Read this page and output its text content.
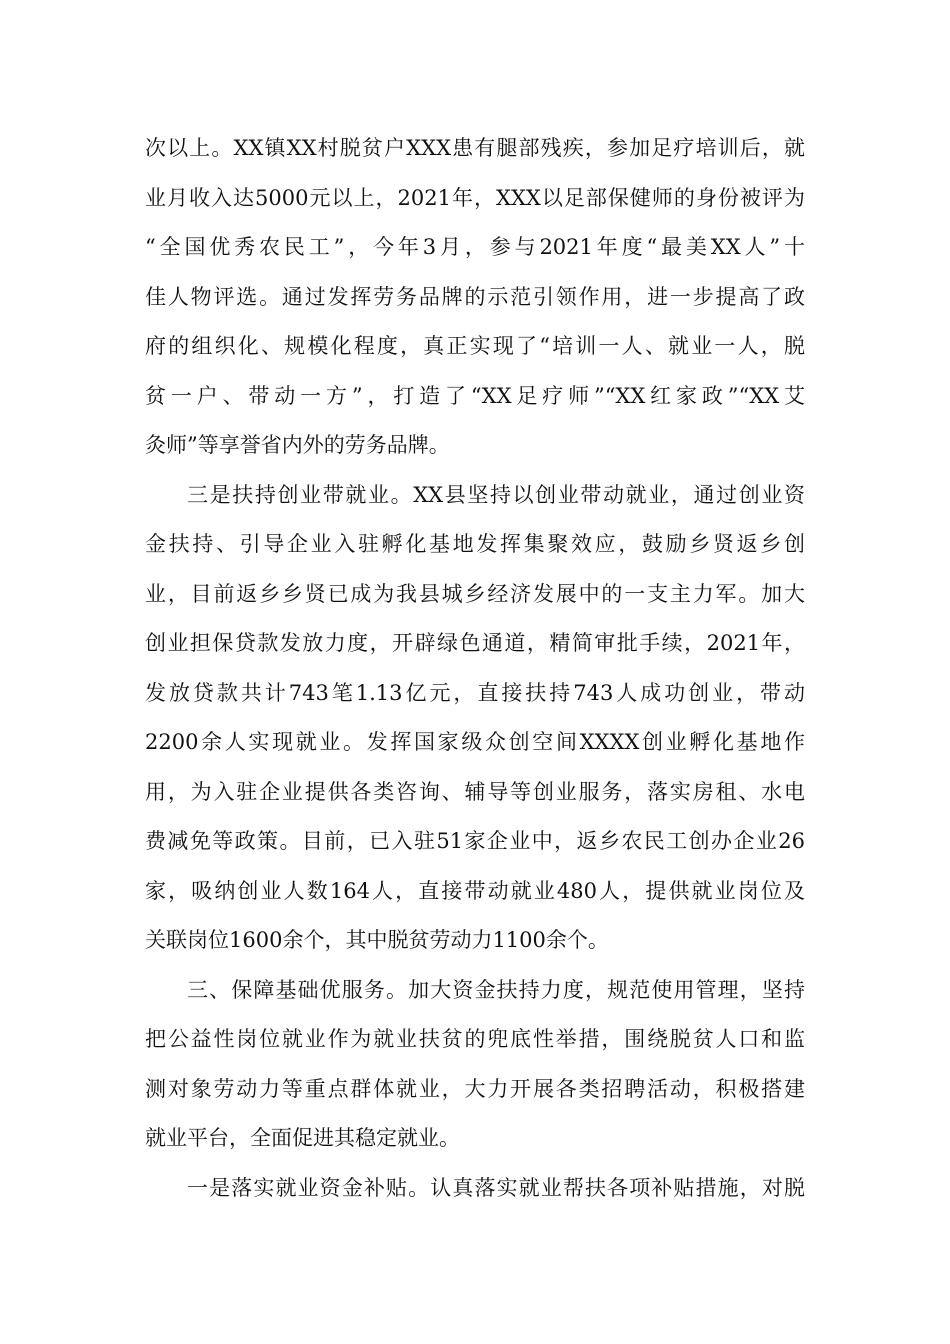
次以上。XX镇XX村脱贫户XXX患有腿部残疾，参加足疗培训后，就
业月收入达5000元以上，2021年，XXX以足部保健师的身份被评为
“全国优秀农民工”，今年3月，参与2021年度“最美XX人”十
佳人物评选。通过发挥劳务品牌的示范引领作用，进一步提高了政
府的组织化、规模化程度，真正实现了“培训一人、就业一人，脱
贫一户、带动一方”，打造了“XX足疗师”“XX红家政”“XX艾
灸师”等享誉省内外的劳务品牌。
三是扶持创业带就业。XX县坚持以创业带动就业，通过创业资
金扶持、引导企业入驻孵化基地发挥集聚效应，鼓励乡贤返乡创
业，目前返乡乡贤已成为我县城乡经济发展中的一支主力军。加大
创业担保贷款发放力度，开辟绿色通道，精简审批手续，2021年，
发放贷款共计743笔1.13亿元，直接扶持743人成功创业，带动
2200余人实现就业。发挥国家级众创空间XXXX创业孵化基地作
用，为入驻企业提供各类咨询、辅导等创业服务，落实房租、水电
费减免等政策。目前，已入驻51家企业中，返乡农民工创办企业26
家，吸纳创业人数164人，直接带动就业480人，提供就业岗位及
关联岗位1600余个，其中脱贫劳动力1100余个。
三、保障基础优服务。加大资金扶持力度，规范使用管理，坚持
把公益性岗位就业作为就业扶贫的兜底性举措，围绕脱贫人口和监
测对象劳动力等重点群体就业，大力开展各类招聘活动，积极搭建
就业平台，全面促进其稳定就业。
一是落实就业资金补贴。认真落实就业帮扶各项补贴措施，对脱
